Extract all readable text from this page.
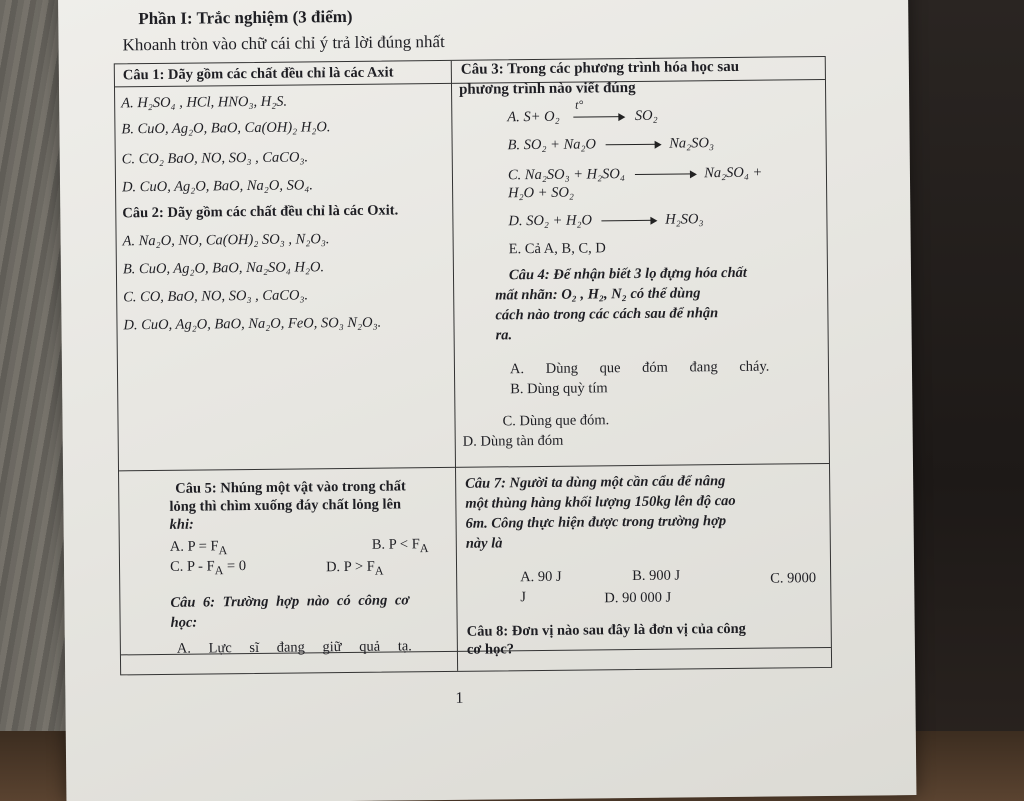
Phần I: Trắc nghiệm (3 điểm)
Khoanh tròn vào chữ cái chỉ ý trả lời đúng nhất
Câu 1: Dãy gồm các chất đều chỉ là các Axit
A. H₂SO₄ , HCl, HNO₃, H₂S.
B. CuO, Ag₂O, BaO, Ca(OH)₂ H₂O.
C. CO₂ BaO, NO, SO₃ , CaCO₃.
D. CuO, Ag₂O, BaO, Na₂O, SO₄.
Câu 2: Dãy gồm các chất đều chỉ là các Oxit.
A. Na₂O, NO, Ca(OH)₂ SO₃ , N₂O₃.
B. CuO, Ag₂O, BaO, Na₂SO₄ H₂O.
C. CO, BaO, NO, SO₃ , CaCO₃.
D. CuO, Ag₂O, BaO, Na₂O, FeO, SO₃ N₂O₃.
Câu 3: Trong các phương trình hóa học sau
phương trình nào viết đúng
A. S+ O₂
t°
SO₂
B. SO₂ + Na₂O	Na₂SO₃
C. Na₂SO₃ + H₂SO₄	Na₂SO₄ +
H₂O + SO₂
D. SO₂ + H₂O	H₂SO₃
E. Cả A, B, C, D
Câu 4: Để nhận biết 3 lọ đựng hóa chất
mất nhãn: O₂ , H₂, N₂ có thể dùng
cách nào trong các cách sau để nhận
ra.
A. Dùng que đóm đang cháy.
B. Dùng quỳ tím
C. Dùng que đóm.
D. Dùng tàn đóm
Câu 5: Nhúng một vật vào trong chất
lỏng thì chìm xuống đáy chất lỏng lên
khi:
A. $P = F_A$	B. $P < F_A$
C. $P - F_A = 0$	D. $P > F_A$
Câu 6: Trường hợp nào có công cơ
học:
A. Lực sĩ đang giữ quả tạ.
Câu 7: Người ta dùng một cần cẩu để nâng
một thùng hàng khối lượng 150kg lên độ cao
6m. Công thực hiện được trong trường hợp
này là
A. 90 J	B. 900 J	C. 9000
J	D. 90 000 J
Câu 8: Đơn vị nào sau đây là đơn vị của công
cơ học?
1
